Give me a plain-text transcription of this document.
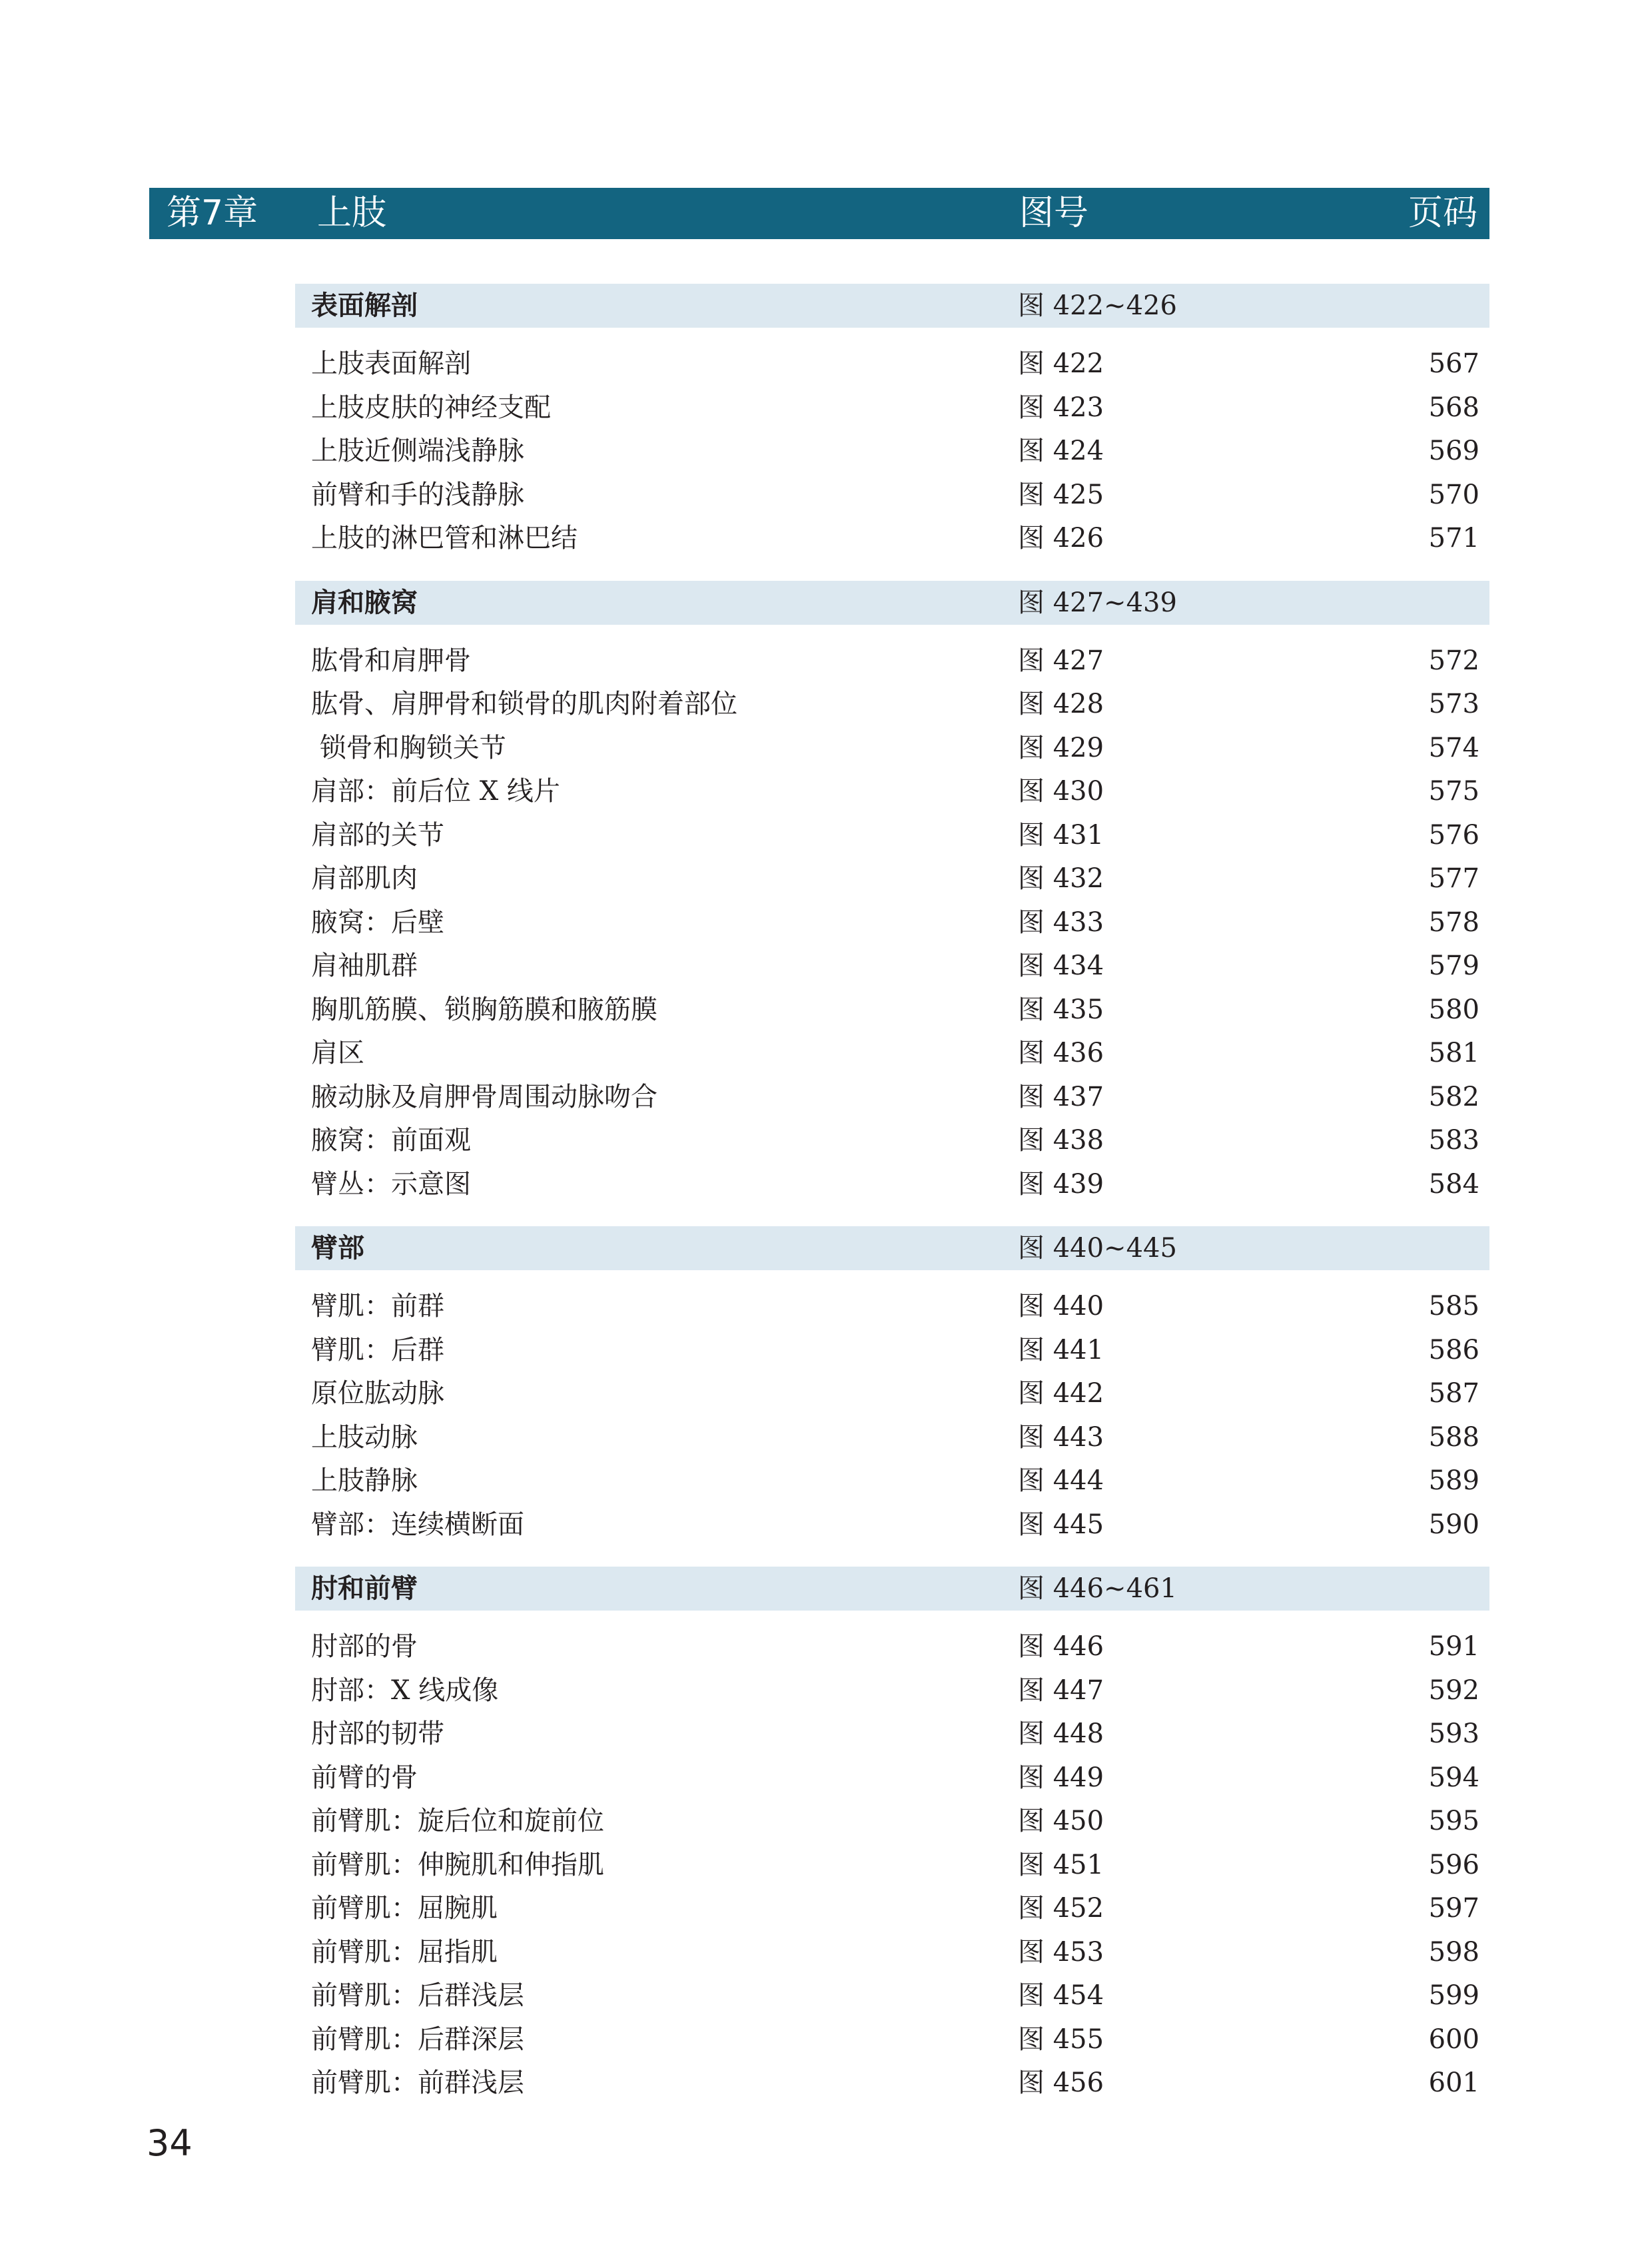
第7章 上肢	图号	页码
表面解剖	图 422~426
上肢表面解剖	图 422	567
上肢皮肤的神经支配	图 423	568
上肢近侧端浅静脉	图 424	569
前臂和手的浅静脉	图 425	570
上肢的淋巴管和淋巴结	图 426	571
肩和腋窝	图 427~439
肱骨和肩胛骨	图 427	572
肱骨、肩胛骨和锁骨的肌肉附着部位	图 428	573
锁骨和胸锁关节	图 429	574
肩部：前后位 X 线片	图 430	575
肩部的关节	图 431	576
肩部肌肉	图 432	577
腋窝：后壁	图 433	578
肩袖肌群	图 434	579
胸肌筋膜、锁胸筋膜和腋筋膜	图 435	580
肩区	图 436	581
腋动脉及肩胛骨周围动脉吻合	图 437	582
腋窝：前面观	图 438	583
臂丛：示意图	图 439	584
臂部	图 440~445
臂肌：前群	图 440	585
臂肌：后群	图 441	586
原位肱动脉	图 442	587
上肢动脉	图 443	588
上肢静脉	图 444	589
臂部：连续横断面	图 445	590
肘和前臂	图 446~461
肘部的骨	图 446	591
肘部：X 线成像	图 447	592
肘部的韧带	图 448	593
前臂的骨	图 449	594
前臂肌：旋后位和旋前位	图 450	595
前臂肌：伸腕肌和伸指肌	图 451	596
前臂肌：屈腕肌	图 452	597
前臂肌：屈指肌	图 453	598
前臂肌：后群浅层	图 454	599
前臂肌：后群深层	图 455	600
前臂肌：前群浅层	图 456	601
34
